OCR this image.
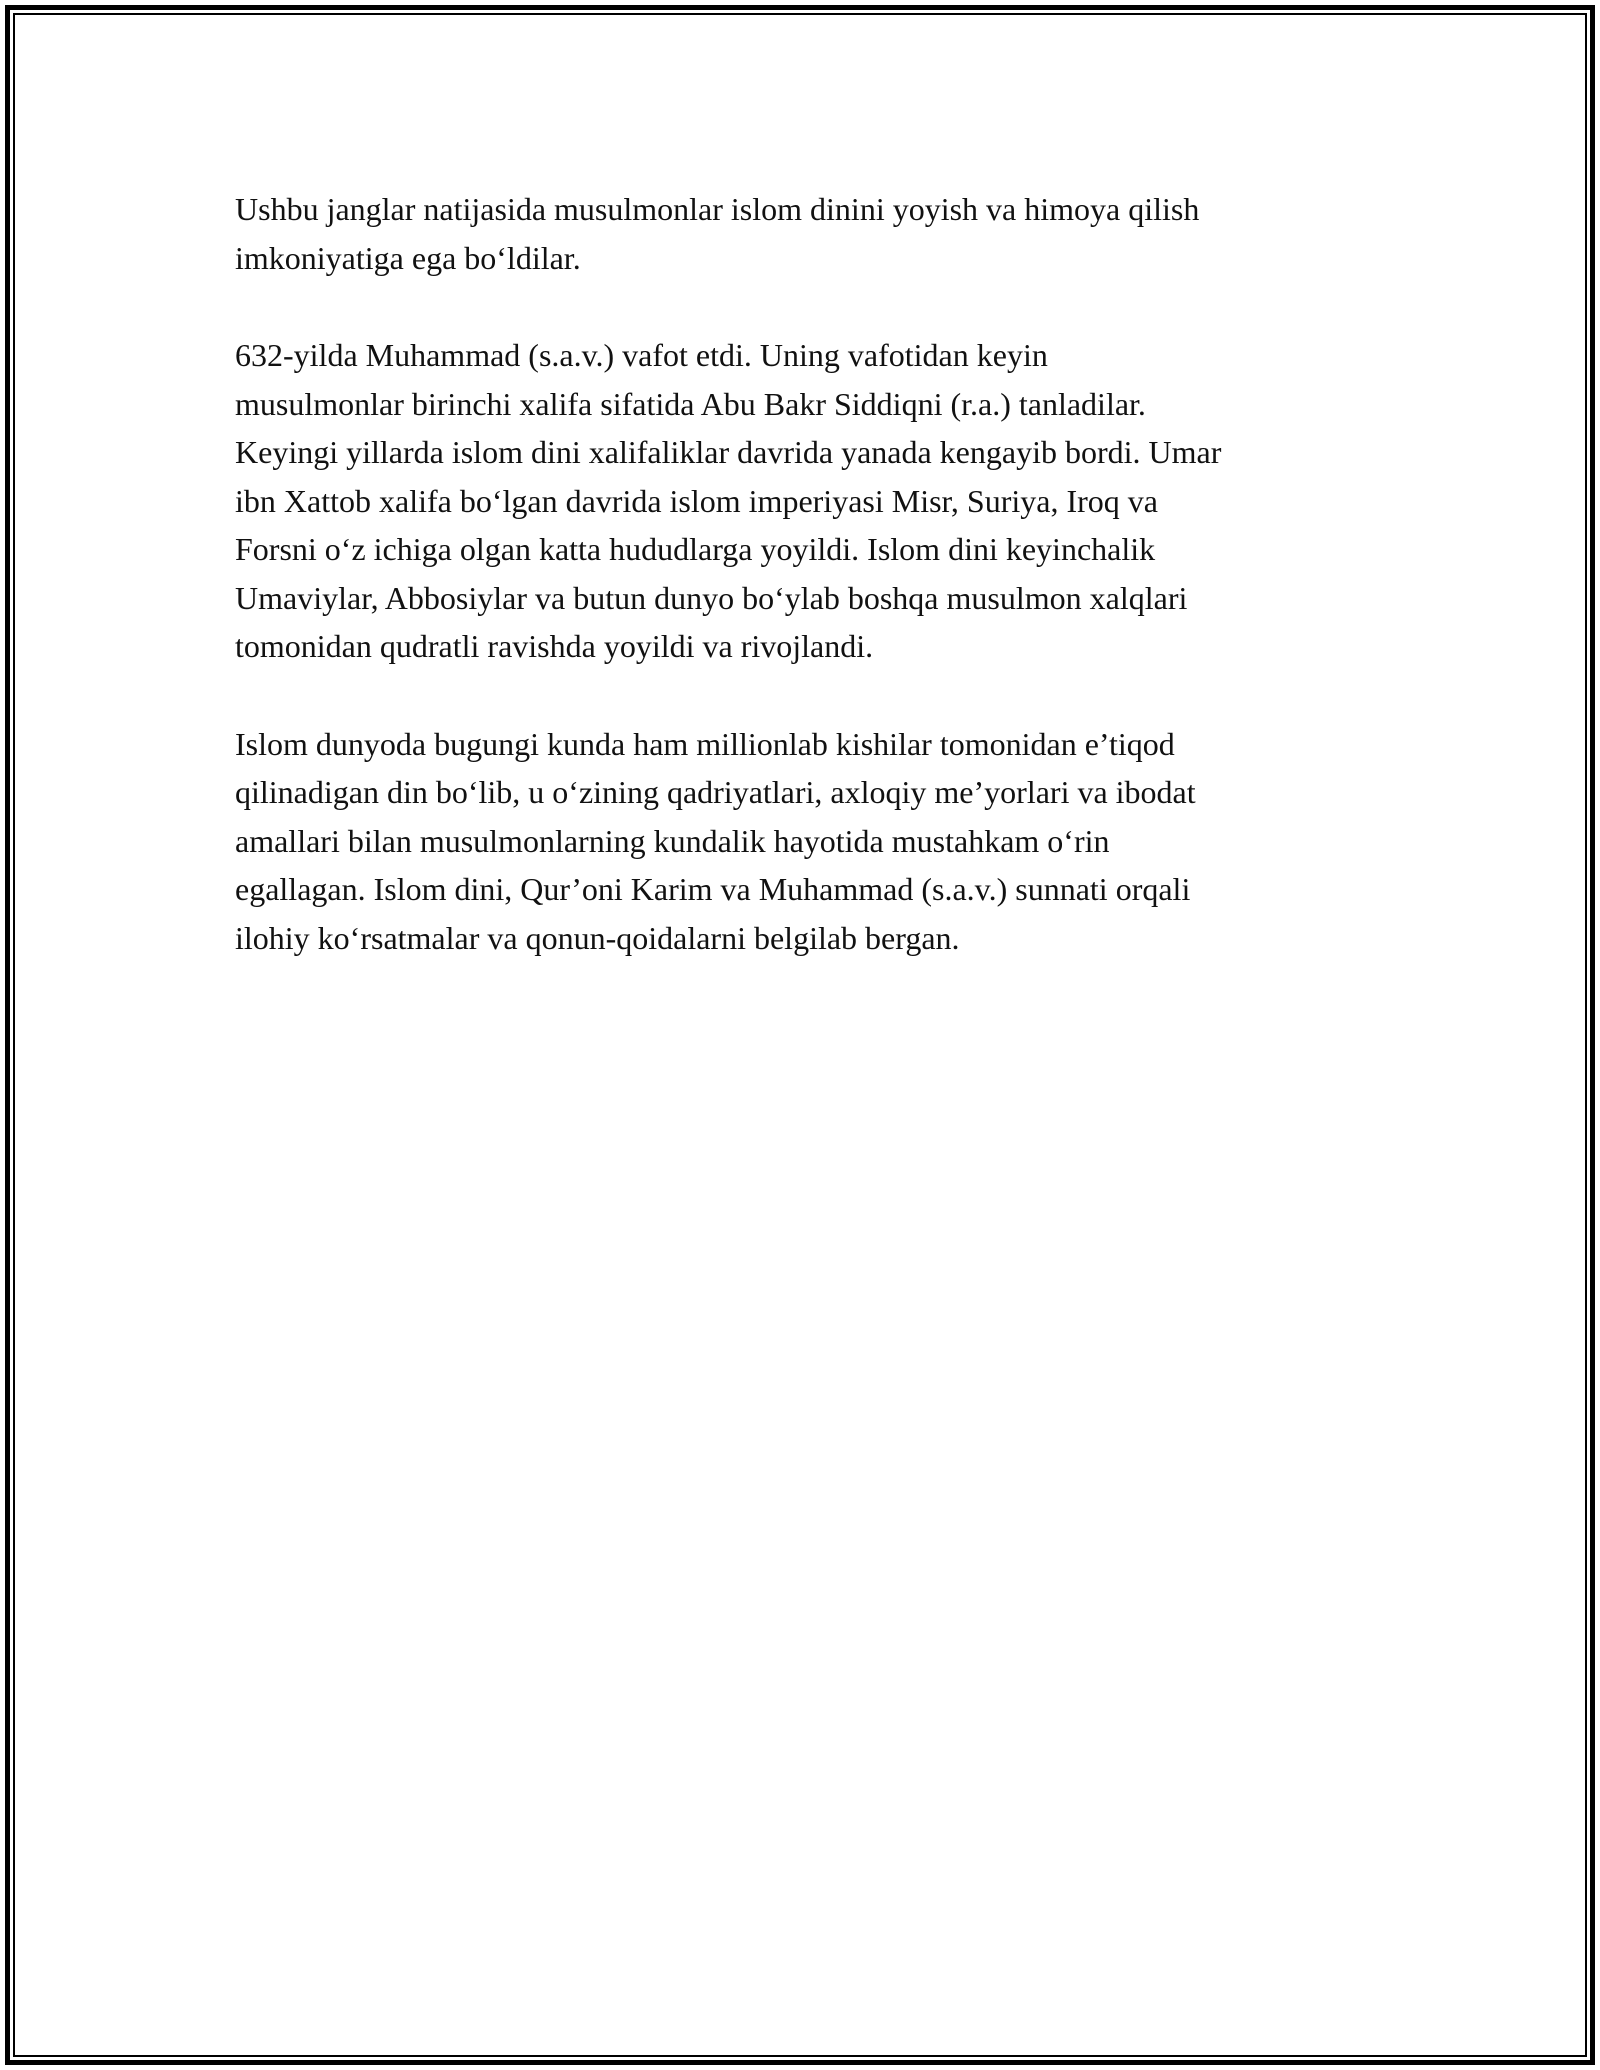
Ushbu janglar natijasida musulmonlar islom dinini yoyish va himoya qilish
imkoniyatiga ega bo‘ldilar.

632-yilda Muhammad (s.a.v.) vafot etdi. Uning vafotidan keyin
musulmonlar birinchi xalifa sifatida Abu Bakr Siddiqni (r.a.) tanladilar.
Keyingi yillarda islom dini xalifaliklar davrida yanada kengayib bordi. Umar
ibn Xattob xalifa bo‘lgan davrida islom imperiyasi Misr, Suriya, Iroq va
Forsni o‘z ichiga olgan katta hududlarga yoyildi. Islom dini keyinchalik
Umaviylar, Abbosiylar va butun dunyo bo‘ylab boshqa musulmon xalqlari
tomonidan qudratli ravishda yoyildi va rivojlandi.

Islom dunyoda bugungi kunda ham millionlab kishilar tomonidan e’tiqod
qilinadigan din bo‘lib, u o‘zining qadriyatlari, axloqiy me’yorlari va ibodat
amallari bilan musulmonlarning kundalik hayotida mustahkam o‘rin
egallagan. Islom dini, Qur’oni Karim va Muhammad (s.a.v.) sunnati orqali
ilohiy ko‘rsatmalar va qonun-qoidalarni belgilab bergan.
